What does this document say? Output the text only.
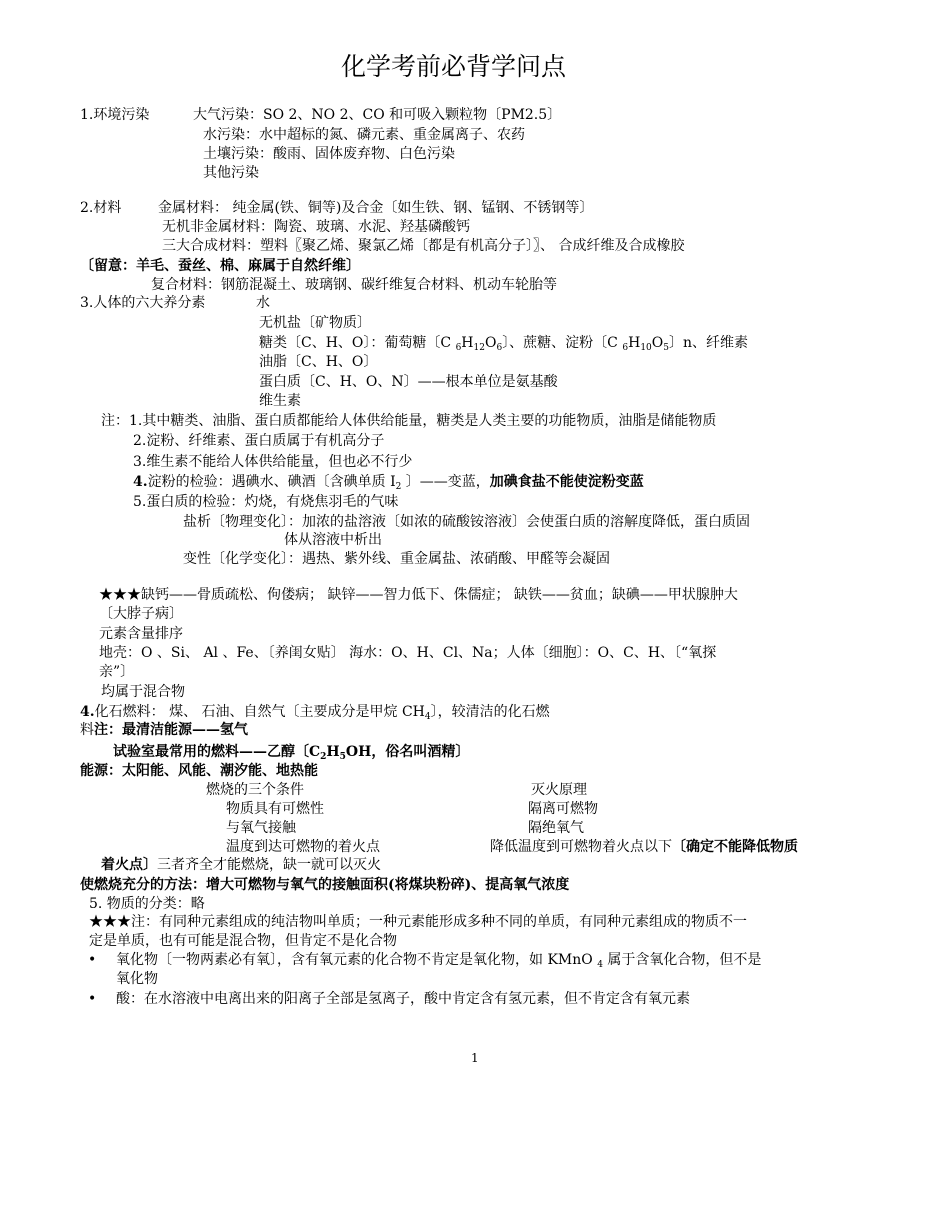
化学考前必背学问点
1.环境污染	大气污染：SO 2、NO 2、CO 和可吸入颗粒物〔PM2.5〕
水污染：水中超标的氮、磷元素、重金属离子、农药
土壤污染：酸雨、固体废弃物、白色污染
其他污染
2.材料	金属材料： 纯金属(铁、铜等)及合金〔如生铁、钢、锰钢、不锈钢等〕
无机非金属材料：陶瓷、玻璃、水泥、羟基磷酸钙
三大合成材料：塑料〖聚乙烯、聚氯乙烯〔都是有机高分子〕〗、 合成纤维及合成橡胶
〔留意：羊毛、蚕丝、棉、麻属于自然纤维〕
复合材料：钢筋混凝土、玻璃钢、碳纤维复合材料、机动车轮胎等
3.人体的六大养分素	水
无机盐〔矿物质〕
糖类〔C、H、O〕：葡萄糖〔C $_6H_{12}O_6$〕、蔗糖、淀粉〔C $_6H_{10}O_5$〕n、纤维素
油脂〔C、H、O〕
蛋白质〔C、H、O、N〕——根本单位是氨基酸
维生素
注：1.其中糖类、油脂、蛋白质都能给人体供给能量，糖类是人类主要的功能物质，油脂是储能物质
2.淀粉、纤维素、蛋白质属于有机高分子
3.维生素不能给人体供给能量，但也必不行少
4.淀粉的检验：遇碘水、碘酒〔含碘单质 $I_2$ 〕——变蓝，加碘食盐不能使淀粉变蓝
5.蛋白质的检验：灼烧，有烧焦羽毛的气味
盐析〔物理变化〕：加浓的盐溶液〔如浓的硫酸铵溶液〕会使蛋白质的溶解度降低，蛋白质固
体从溶液中析出
变性〔化学变化〕：遇热、紫外线、重金属盐、浓硝酸、甲醛等会凝固
★★★缺钙——骨质疏松、佝偻病； 缺锌——智力低下、侏儒症； 缺铁——贫血；缺碘——甲状腺肿大
〔大脖子病〕
元素含量排序
地壳：O 、Si、 Al 、Fe、〔养闺女贴〕 海水：O、H、Cl、Na；人体〔细胞〕：O、C、H、〔“氧探
亲”〕
均属于混合物
4.化石燃料： 煤、 石油、自然气〔主要成分是甲烷 $CH_4$〕，较清洁的化石燃
料注：最清洁能源——氢气
试验室最常用的燃料——乙醇〔$C_2H_5OH$，俗名叫酒精〕
能源：太阳能、风能、潮汐能、地热能
燃烧的三个条件	灭火原理
物质具有可燃性	隔离可燃物
与氧气接触	隔绝氧气
温度到达可燃物的着火点	降低温度到可燃物着火点以下〔确定不能降低物质
着火点〕三者齐全才能燃烧，缺一就可以灭火
使燃烧充分的方法：增大可燃物与氧气的接触面积(将煤块粉碎)、提高氧气浓度
5. 物质的分类：略
★★★注：有同种元素组成的纯洁物叫单质；一种元素能形成多种不同的单质，有同种元素组成的物质不一
定是单质，也有可能是混合物，但肯定不是化合物
• 氧化物〔一物两素必有氧〕，含有氧元素的化合物不肯定是氧化物，如 KMnO $_4$ 属于含氧化合物，但不是
氧化物
• 酸：在水溶液中电离出来的阳离子全部是氢离子，酸中肯定含有氢元素，但不肯定含有氧元素
1
